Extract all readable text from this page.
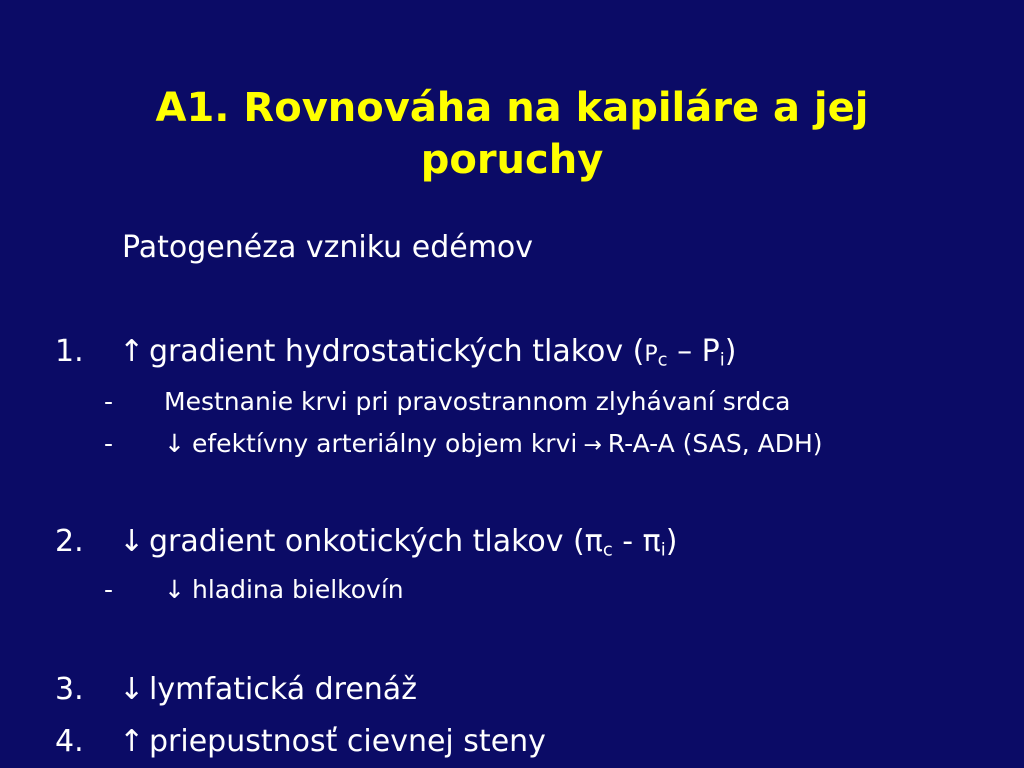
A1. Rovnováha na kapiláre a jej poruchy
Patogenéza vzniku edémov
1. ↑ gradient hydrostatických tlakov $(P_c - P_i)$
- Mestnanie krvi pri pravostrannom zlyhávaní srdca
- ↓ efektívny arteriálny objem krvi → R-A-A (SAS, ADH)
2. ↓ gradient onkotických tlakov $(\pi_c - \pi_i)$
- ↓ hladina bielkovín
3. ↓ lymfatická drenáž
4. ↑ priepustnosť cievnej steny
